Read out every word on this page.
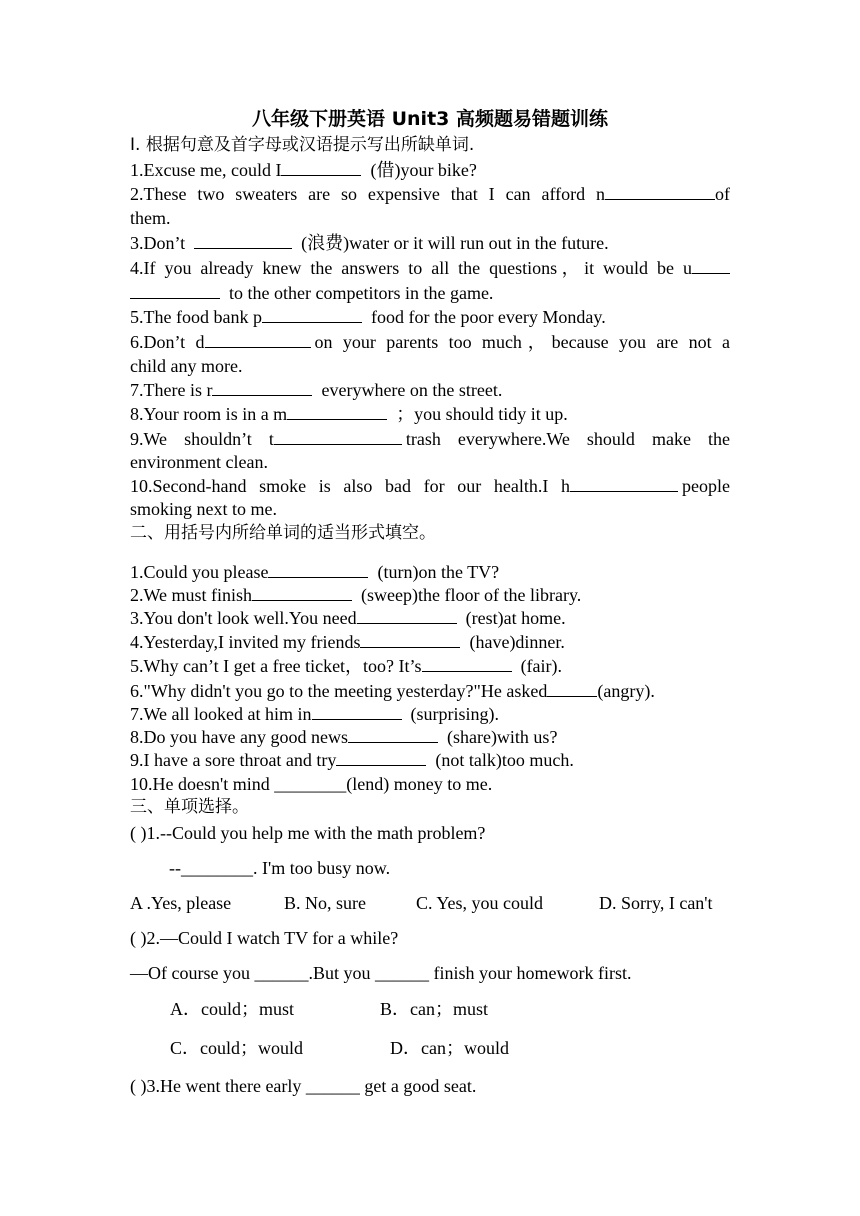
八年级下册英语 Unit3 高频题易错题训练
I. 根据句意及首字母或汉语提示写出所缺单词.
1.Excuse me, could I	(借)your bike?
2.These two sweaters are so expensive that I can afford n	of
them.
3.Don’t	(浪费)water or it will run out in the future.
4.If you already knew the answers to all the questions，it would be u
to the other competitors in the game.
5.The food bank p	food for the poor every Monday.
6.Don’t d	on your parents too much，because you are not a
child any more.
7.There is r	everywhere on the street.
8.Your room is in a m	；you should tidy it up.
9.We shouldn’t t	trash everywhere.We should make the
environment clean.
10.Second-hand smoke is also bad for our health.I h	people
smoking next to me.
二、用括号内所给单词的适当形式填空。
1.Could you please	(turn)on the TV?
2.We must finish	(sweep)the floor of the library.
3.You don't look well.You need	(rest)at home.
4.Yesterday,I invited my friends	(have)dinner.
5.Why can’t I get a free ticket，too? It’s	(fair).
6."Why didn't you go to the meeting yesterday?"He asked	(angry).
7.We all looked at him in	(surprising).
8.Do you have any good news	(share)with us?
9.I have a sore throat and try	(not talk)too much.
10.He doesn't mind ________(lend) money to me.
三、单项选择。
( )1.--Could you help me with the math problem?
--________. I'm too busy now.
A .Yes, please	B. No, sure	C. Yes, you could	D. Sorry, I can't
( )2.—Could I watch TV for a while?
—Of course you ______.But you ______ finish your homework first.
A．could；must	B．can；must
C．could；would	D．can；would
( )3.He went there early ______ get a good seat.
